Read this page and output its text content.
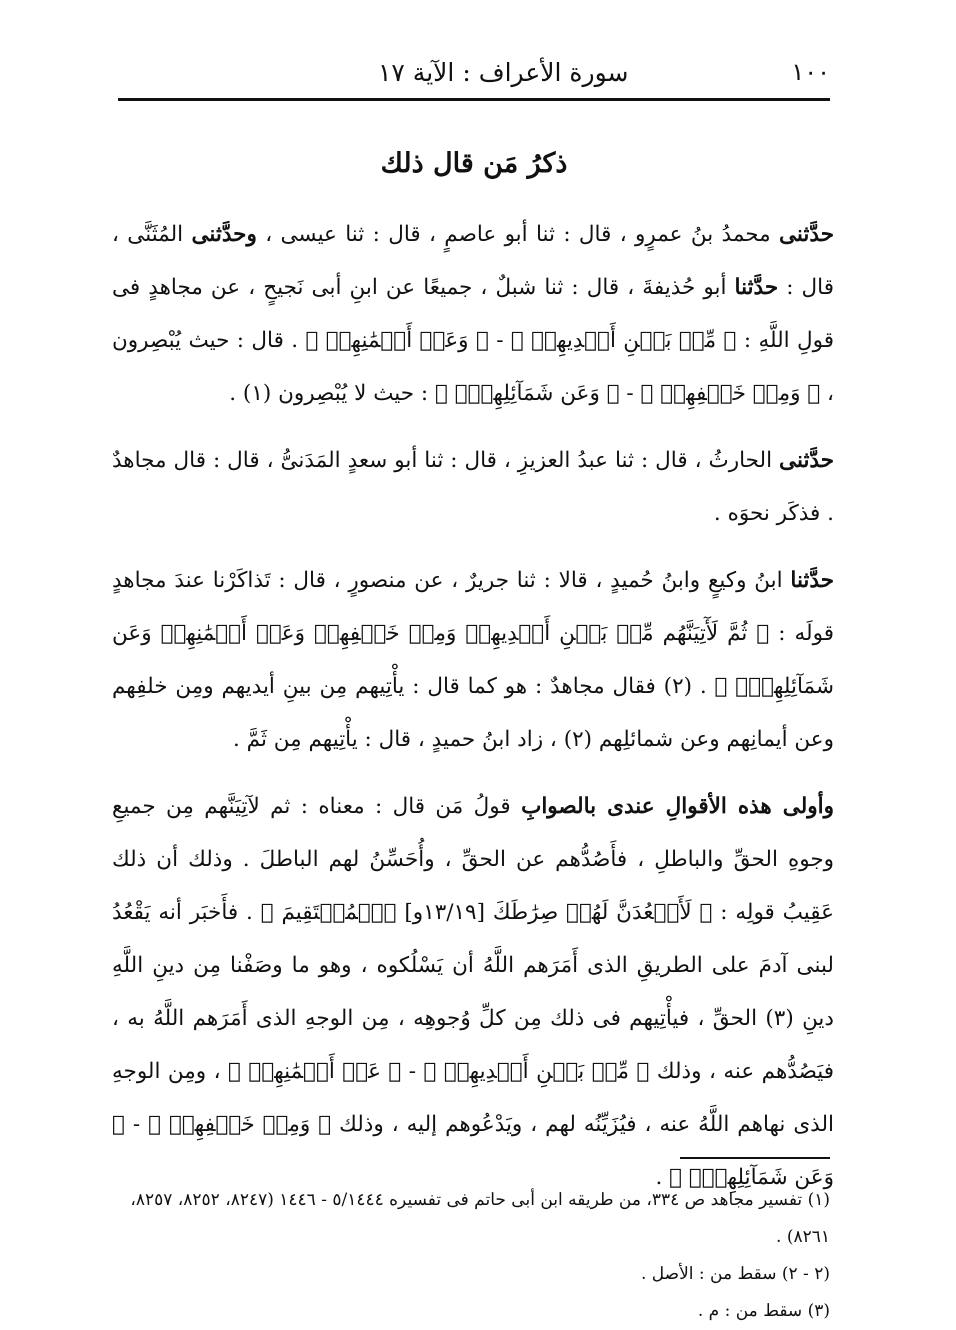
١٠٠
سورة الأعراف : الآية ١٧
ذكرُ مَن قال ذلك

حدَّثنى محمدُ بنُ عمرٍو ، قال : ثنا أبو عاصمٍ ، قال : ثنا عيسى ، وحدَّثنى المُثَنَّى ، قال : حدَّثنا أبو حُذيفةَ ، قال : ثنا شبلٌ ، جميعًا عن ابنِ أبى نَجيحٍ ، عن مجاهدٍ فى قولِ اللَّهِ : ﴿ مِّنۢ بَيۡنِ أَيۡدِيهِمۡ ﴾ - ﴿ وَعَنۡ أَيۡمَٰنِهِمۡ ﴾ . قال : حيث يُبْصِرون ، ﴿ وَمِنۡ خَلۡفِهِمۡ ﴾ - ﴿ وَعَن شَمَآئِلِهِمۡۖ ﴾ : حيث لا يُبْصِرون (١) .

حدَّثنى الحارثُ ، قال : ثنا عبدُ العزيزِ ، قال : ثنا أبو سعدٍ المَدَنىُّ ، قال : قال مجاهدٌ . فذكَر نحوَه .

حدَّثنا ابنُ وكيعٍ وابنُ حُميدٍ ، قالا : ثنا جريرٌ ، عن منصورٍ ، قال : تَذاكَرْنا عندَ مجاهدٍ قولَه : ﴿ ثُمَّ لَأٓتِيَنَّهُم مِّنۢ بَيۡنِ أَيۡدِيهِمۡ وَمِنۡ خَلۡفِهِمۡ وَعَنۡ أَيۡمَٰنِهِمۡ وَعَن شَمَآئِلِهِمۡۖ ﴾ . (٢) فقال مجاهدٌ : هو كما قال : يأْتِيهم مِن بينِ أيديهم ومِن خلفِهم وعن أيمانِهم وعن شمائلِهم (٢) ، زاد ابنُ حميدٍ ، قال : يأْتِيهم مِن ثَمَّ .

وأولى هذه الأقوالِ عندى بالصوابِ قولُ مَن قال : معناه : ثم لآتِيَنَّهم مِن جميعِ وجوهِ الحقِّ والباطلِ ، فأَصُدُّهم عن الحقِّ ، وأُحَسِّنُ لهم الباطلَ . وذلك أن ذلك عَقِيبُ قولِه : ﴿ لَأَقۡعُدَنَّ لَهُمۡ صِرَٰطَكَ [١٣/١٩و] ٱلۡمُسۡتَقِيمَ ﴾ . فأَخبَر أنه يَقْعُدُ لبنى آدمَ على الطريقِ الذى أَمَرَهم اللَّهُ أن يَسْلُكوه ، وهو ما وصَفْنا مِن دينِ اللَّهِ دينِ (٣) الحقِّ ، فيأْتِيهم فى ذلك مِن كلِّ وُجوهِه ، مِن الوجهِ الذى أَمَرَهم اللَّهُ به ، فيَصُدُّهم عنه ، وذلك ﴿ مِّنۢ بَيۡنِ أَيۡدِيهِمۡ ﴾ - ﴿ عَنۡ أَيۡمَٰنِهِمۡ ﴾ ، ومِن الوجهِ الذى نهاهم اللَّهُ عنه ، فيُزَيِّنُه لهم ، ويَدْعُوهم إليه ، وذلك ﴿ وَمِنۡ خَلۡفِهِمۡ ﴾ - ﴿ وَعَن شَمَآئِلِهِمۡۖ ﴾ .

(١) تفسير مجاهد ص ٣٣٤، من طريقه ابن أبى حاتم فى تفسيره ٥/١٤٤٤ - ١٤٤٦ (٨٢٤٧، ٨٢٥٢، ٨٢٥٧، ٨٢٦١) .

(٢ - ٢) سقط من : الأصل .

(٣) سقط من : م .
